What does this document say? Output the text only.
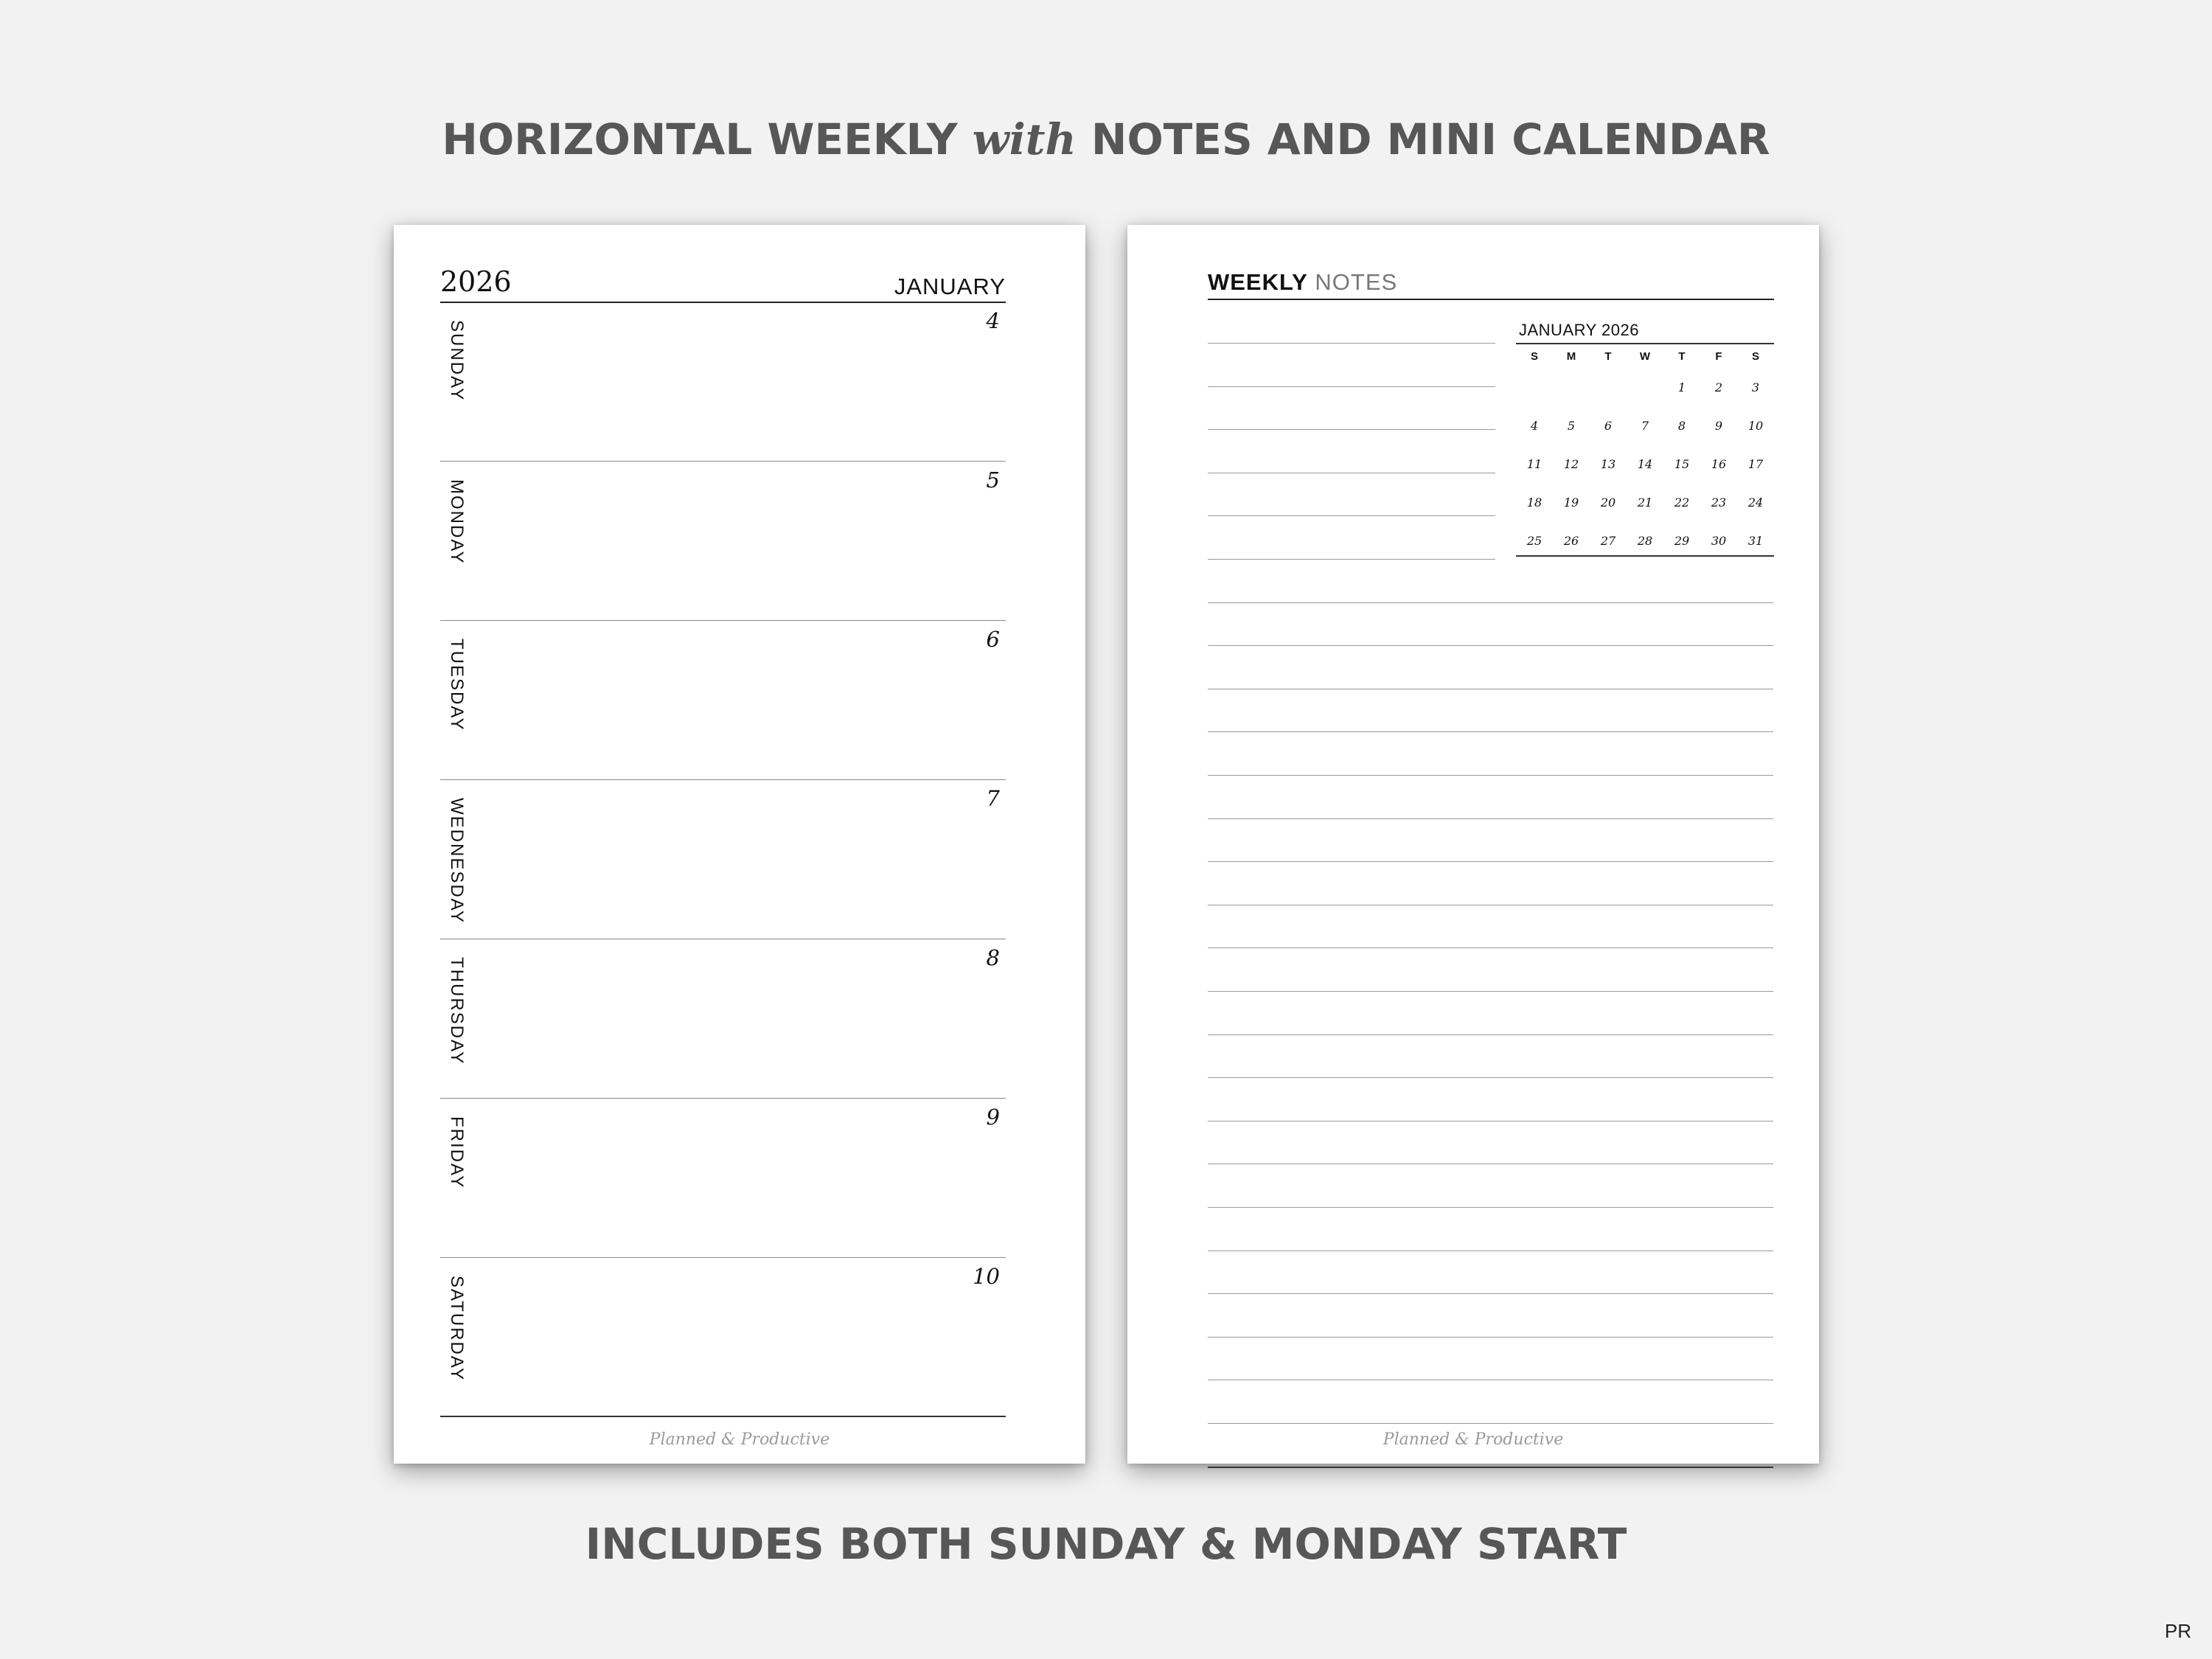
HORIZONTAL WEEKLY with NOTES AND MINI CALENDAR
2026	JANUARY
4
SUNDAY
5
MONDAY
6
TUESDAY
7
WEDNESDAY
8
THURSDAY
9
FRIDAY
10
SATURDAY
Planned & Productive
WEEKLY NOTES
JANUARY 2026
S	M	T	W	T	F	S
				1	2	3
4	5	6	7	8	9	10
11	12	13	14	15	16	17
18	19	20	21	22	23	24
25	26	27	28	29	30	31
Planned & Productive
INCLUDES BOTH SUNDAY & MONDAY START
PR
